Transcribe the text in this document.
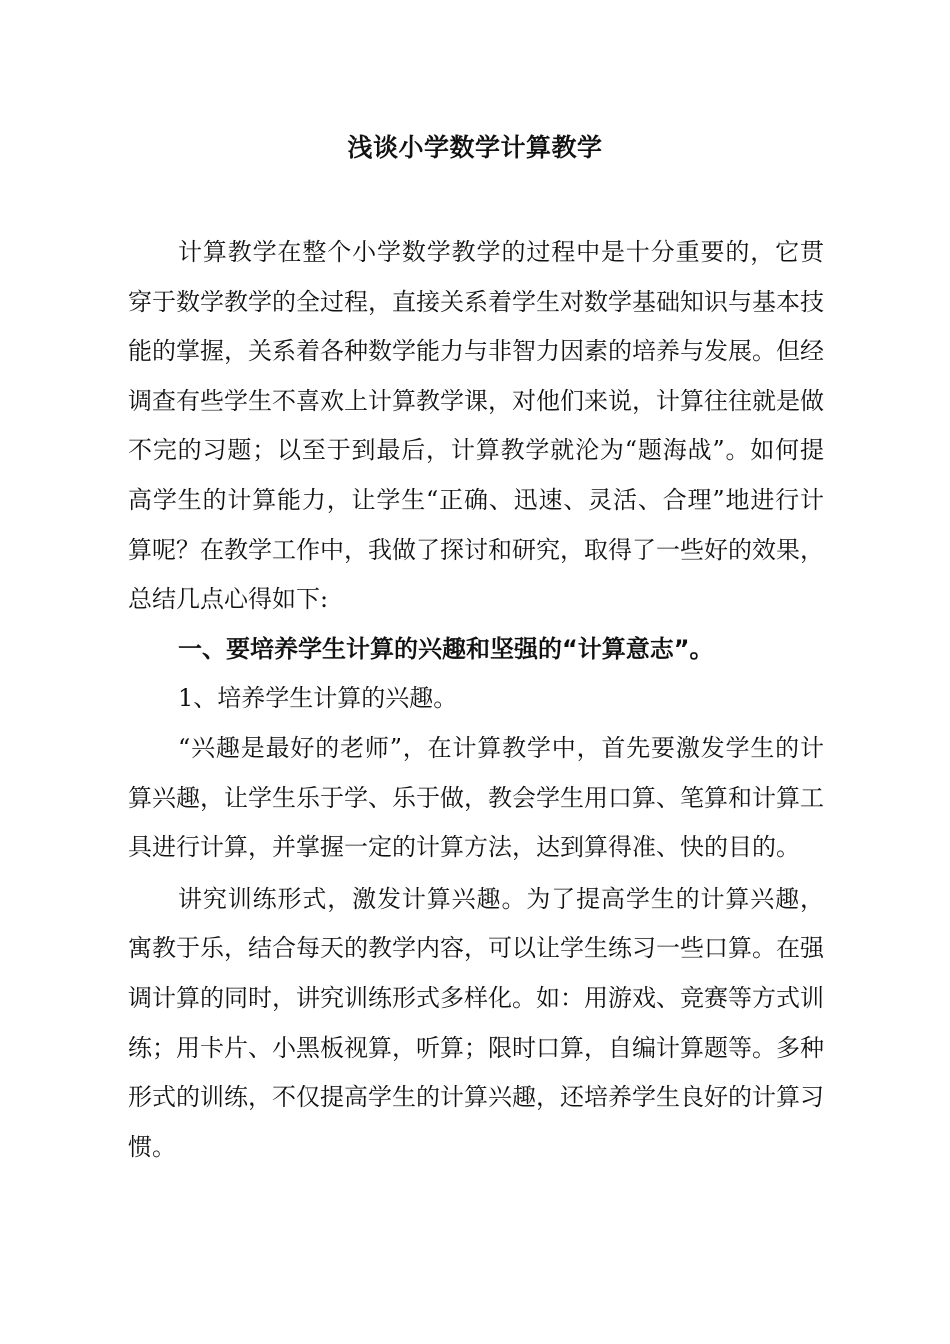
浅谈小学数学计算教学

计算教学在整个小学数学教学的过程中是十分重要的，它贯穿于数学教学的全过程，直接关系着学生对数学基础知识与基本技能的掌握，关系着各种数学能力与非智力因素的培养与发展。但经调查有些学生不喜欢上计算教学课，对他们来说，计算往往就是做不完的习题；以至于到最后，计算教学就沦为“题海战”。如何提高学生的计算能力，让学生“正确、迅速、灵活、合理”地进行计算呢？在教学工作中，我做了探讨和研究，取得了一些好的效果，总结几点心得如下:

一、要培养学生计算的兴趣和坚强的“计算意志”。

1、培养学生计算的兴趣。

“兴趣是最好的老师”，在计算教学中，首先要激发学生的计算兴趣，让学生乐于学、乐于做，教会学生用口算、笔算和计算工具进行计算，并掌握一定的计算方法，达到算得准、快的目的。

讲究训练形式，激发计算兴趣。为了提高学生的计算兴趣，寓教于乐，结合每天的教学内容，可以让学生练习一些口算。在强调计算的同时，讲究训练形式多样化。如：用游戏、竞赛等方式训练；用卡片、小黑板视算，听算；限时口算，自编计算题等。多种形式的训练，不仅提高学生的计算兴趣，还培养学生良好的计算习惯。
